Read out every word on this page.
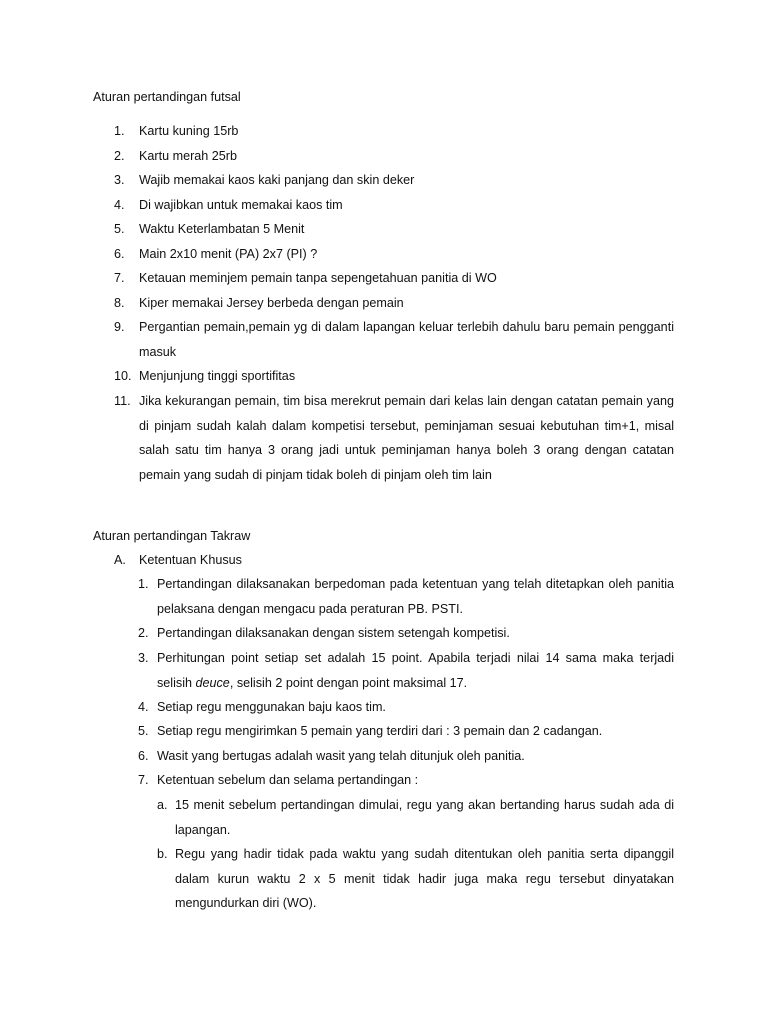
Aturan pertandingan futsal
1. Kartu kuning 15rb
2. Kartu merah 25rb
3. Wajib memakai kaos kaki panjang dan skin deker
4. Di wajibkan untuk memakai kaos tim
5. Waktu Keterlambatan 5 Menit
6. Main 2x10 menit (PA) 2x7 (PI) ?
7. Ketauan meminjem pemain tanpa sepengetahuan panitia di WO
8. Kiper memakai Jersey berbeda dengan pemain
9. Pergantian pemain,pemain yg di dalam lapangan keluar terlebih dahulu baru pemain pengganti masuk
10. Menjunjung tinggi sportifitas
11. Jika kekurangan pemain, tim bisa merekrut pemain dari kelas lain dengan catatan pemain yang di pinjam sudah kalah dalam kompetisi tersebut, peminjaman sesuai kebutuhan tim+1, misal salah satu tim hanya 3 orang jadi untuk peminjaman hanya boleh 3 orang dengan catatan pemain yang sudah di pinjam tidak boleh di pinjam oleh tim lain
Aturan pertandingan Takraw
A. Ketentuan Khusus
1. Pertandingan dilaksanakan berpedoman pada ketentuan yang telah ditetapkan oleh panitia pelaksana dengan mengacu pada peraturan PB. PSTI.
2. Pertandingan dilaksanakan dengan sistem setengah kompetisi.
3. Perhitungan point setiap set adalah 15 point. Apabila terjadi nilai 14 sama maka terjadi selisih deuce, selisih 2 point dengan point maksimal 17.
4. Setiap regu menggunakan baju kaos tim.
5. Setiap regu mengirimkan 5 pemain yang terdiri dari : 3 pemain dan 2 cadangan.
6. Wasit yang bertugas adalah wasit yang telah ditunjuk oleh panitia.
7. Ketentuan sebelum dan selama pertandingan :
a. 15 menit sebelum pertandingan dimulai, regu yang akan bertanding harus sudah ada di lapangan.
b. Regu yang hadir tidak pada waktu yang sudah ditentukan oleh panitia serta dipanggil dalam kurun waktu 2 x 5 menit tidak hadir juga maka regu tersebut dinyatakan mengundurkan diri (WO).
